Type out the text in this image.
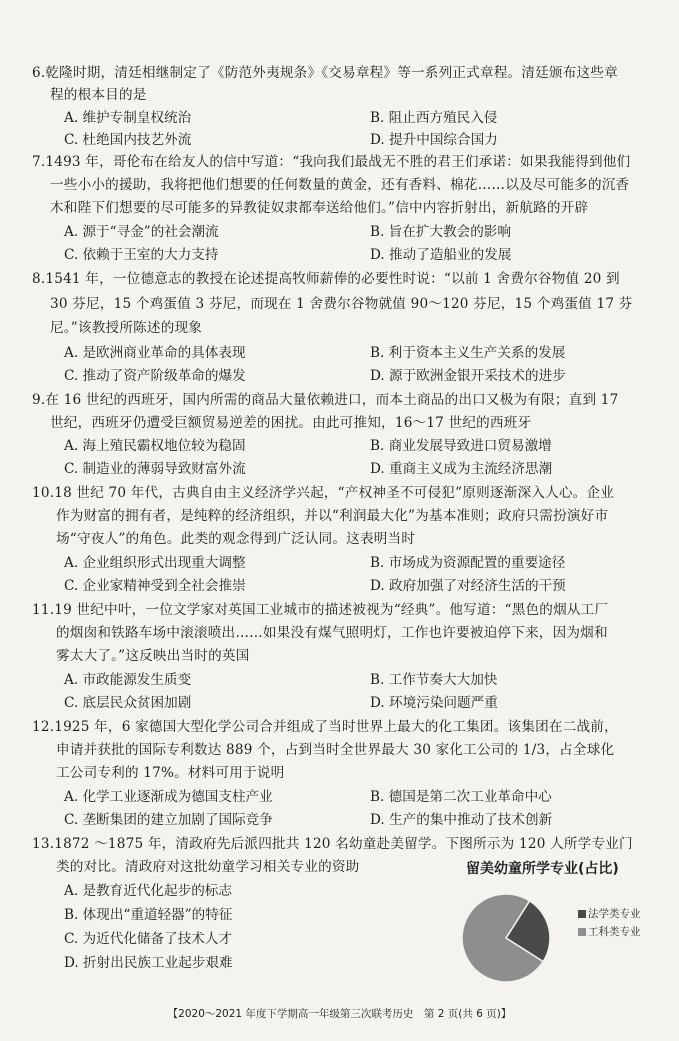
6.乾隆时期，清廷相继制定了《防范外夷规条》《交易章程》等一系列正式章程。清廷颁布这些章
程的根本目的是
A. 维护专制皇权统治	B. 阻止西方殖民入侵
C. 杜绝国内技艺外流	D. 提升中国综合国力
7.1493 年，哥伦布在给友人的信中写道：“我向我们最战无不胜的君王们承诺：如果我能得到他们
一些小小的援助，我将把他们想要的任何数量的黄金，还有香料、棉花……以及尽可能多的沉香
木和陛下们想要的尽可能多的异教徒奴隶都奉送给他们。”信中内容折射出，新航路的开辟
A. 源于“寻金”的社会潮流	B. 旨在扩大教会的影响
C. 依赖于王室的大力支持	D. 推动了造船业的发展
8.1541 年，一位德意志的教授在论述提高牧师薪俸的必要性时说：“以前 1 舍费尔谷物值 20 到
30 芬尼，15 个鸡蛋值 3 芬尼，而现在 1 舍费尔谷物就值 90～120 芬尼，15 个鸡蛋值 17 芬
尼。”该教授所陈述的现象
A. 是欧洲商业革命的具体表现	B. 利于资本主义生产关系的发展
C. 推动了资产阶级革命的爆发	D. 源于欧洲金银开采技术的进步
9.在 16 世纪的西班牙，国内所需的商品大量依赖进口，而本土商品的出口又极为有限；直到 17
世纪，西班牙仍遭受巨额贸易逆差的困扰。由此可推知，16～17 世纪的西班牙
A. 海上殖民霸权地位较为稳固	B. 商业发展导致进口贸易激增
C. 制造业的薄弱导致财富外流	D. 重商主义成为主流经济思潮
10.18 世纪 70 年代，古典自由主义经济学兴起，“产权神圣不可侵犯”原则逐渐深入人心。企业
作为财富的拥有者，是纯粹的经济组织，并以“利润最大化”为基本准则；政府只需扮演好市
场“守夜人”的角色。此类的观念得到广泛认同。这表明当时
A. 企业组织形式出现重大调整	B. 市场成为资源配置的重要途径
C. 企业家精神受到全社会推崇	D. 政府加强了对经济生活的干预
11.19 世纪中叶，一位文学家对英国工业城市的描述被视为“经典”。他写道：“黑色的烟从工厂
的烟囱和铁路车场中滚滚喷出……如果没有煤气照明灯，工作也许要被迫停下来，因为烟和
雾太大了。”这反映出当时的英国
A. 市政能源发生质变	B. 工作节奏大大加快
C. 底层民众贫困加剧	D. 环境污染问题严重
12.1925 年，6 家德国大型化学公司合并组成了当时世界上最大的化工集团。该集团在二战前，
申请并获批的国际专利数达 889 个，占到当时全世界最大 30 家化工公司的 1/3，占全球化
工公司专利的 17%。材料可用于说明
A. 化学工业逐渐成为德国支柱产业	B. 德国是第二次工业革命中心
C. 垄断集团的建立加剧了国际竞争	D. 生产的集中推动了技术创新
13.1872 ～1875 年，清政府先后派四批共 120 名幼童赴美留学。下图所示为 120 人所学专业门
类的对比。清政府对这批幼童学习相关专业的资助
A. 是教育近代化起步的标志
B. 体现出“重道轻器”的特征
C. 为近代化储备了技术人才
D. 折射出民族工业起步艰难
留美幼童所学专业(占比)
法学类专业
工科类专业
【2020～2021 年度下学期高一年级第三次联考历史　第 2 页(共 6 页)】
